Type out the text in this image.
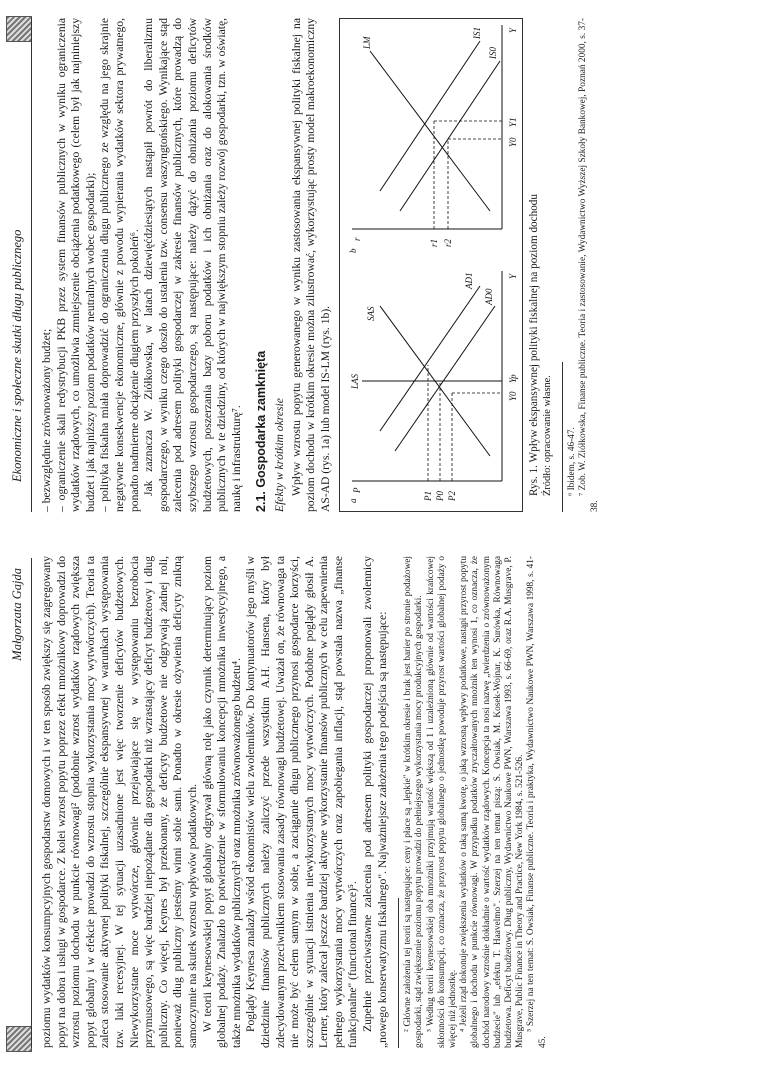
Małgorzata Gajda poziomu wydatków konsumpcyjnych gospodarstw domowych i w ten sposób zwiększy się zagregowany popyt na dobra i usługi w gospodarce. Z kolei wzrost popytu poprzez efekt mnożnikowy doprowadzi do wzrostu poziomu dochodu w punkcie równowagi² (podobnie wzrost wydatków rządowych zwiększa popyt globalny i w efekcie prowadzi do wzrostu stopnia wykorzystania mocy wytwórczych). Teoria ta zaleca stosowanie aktywnej polityki fiskalnej, szczególnie ekspansywnej w warunkach występowania tzw. luki recesyjnej. W tej sytuacji uzasadnione jest więc tworzenie deficytów budżetowych. Niewykorzystane moce wytwórcze, głównie przejawiające się w występowaniu bezrobocia przymusowego, są więc bardziej niepożądane dla gospodarki niż wzrastający deficyt budżetowy i dług publiczny. Co więcej, Keynes był przekonany, że deficyty budżetowe nie odgrywają żadnej roli, ponieważ dług publiczny jesteśmy winni sobie sami. Ponadto w okresie ożywienia deficyty znikną samoczynnie na skutek wzrostu wpływów podatkowych. W teorii keynesowskiej popyt globalny odgrywał główną rolę jako czynnik determinujący poziom globalnej podaży. Znalazło to potwierdzenie w sformułowaniu koncepcji mnożnika inwestycyjnego, a także mnożnika wydatków publicznych³ oraz mnożnika zrównoważonego budżetu⁴. Poglądy Keynesa znalazły wśród ekonomistów wielu zwolenników. Do kontynuatorów jego myśli w dziedzinie finansów publicznych należy zaliczyć przede wszystkim A.H. Hansena, który był zdecydowanym przeciwnikiem stosowania zasady równowagi budżetowej. Uważał on, że równowaga ta nie może być celem samym w sobie, a zaciąganie długu publicznego przynosi gospodarce korzyści, szczególnie w sytuacji istnienia niewykorzystanych mocy wytwórczych. Podobne poglądy głosił A. Lerner, który zalecał jeszcze bardziej aktywne wykorzystanie finansów publicznych w celu zapewnienia pełnego wykorzystania mocy wytwórczych oraz zapobiegania inflacji, stąd powstała nazwa „finanse funkcjonalne" (functional finance)⁵. Zupełnie przeciwstawne zalecenia pod adresem polityki gospodarczej proponowali zwolennicy „nowego konserwatyzmu fiskalnego". Najważniejsze założenia tego podejścia są następujące: ² Główne założenia tej teorii są następujące: ceny i płace są „lepkie" w krótkim okresie i brak jest barier po stronie podażowej gospodarki, stąd zwiększenie poziomu popytu prowadzi do pełniejszego wykorzystania mocy produkcyjnych gospodarki. ³ Według teorii keynesowskiej oba mnożniki przyjmują wartość większą od 1 i uzależnioną głównie od wartości krańcowej skłonności do konsumpcji, co oznacza, że przyrost popytu globalnego o jednostkę powoduje przyrost wartości globalnej podaży o więcej niż jednostkę. ⁴ Jeżeli rząd dokonuje zwiększenia wydatków o taką samą kwotę, o jaką wzrosną wpływy podatkowe, nastąpi przyrost popytu globalnego i dochodu w punkcie równowagi. W przypadku podatków zryczałtowanych mnożnik ten wynosi 1, co oznacza, że dochód narodowy wzrośnie dokładnie o wartość wydatków rządowych. Koncepcja ta nosi nazwę „twierdzenia o zrównoważonym budżecie" lub „efektu T. Haavelmo". Szerzej na ten temat piszą: S. Owsiak, M. Kosek-Wojnar, K. Surówka, Równowaga budżetowa. Deficyt budżetowy. Dług publiczny, Wydawnictwo Naukowe PWN, Warszawa 1993, s. 66-69, oraz R.A. Musgrave, P. Musgrave, Public Finance in Theory and Practice, New York 1984, s. 521-526. ⁵ Szerzej na ten temat: S. Owsiak, Finanse publiczne. Teoria i praktyka, Wydawnictwo Naukowe PWN, Warszawa 1998, s. 41-45.

Ekonomiczne i społeczne skutki długu publicznego – bezwzględnie zrównoważony budżet; – ograniczenie skali redystrybucji PKB przez system finansów publicznych w wyniku ograniczenia wydatków rządowych, co umożliwia zmniejszenie obciążenia podatkowego (celem był jak najniniejszy budżet i jak najniższy poziom podatków neutralnych wobec gospodarki); – polityka fiskalna miała doprowadzić do ograniczenia długu publicznego ze względu na jego skrajnie negatywne konsekwencje ekonomiczne, głównie z powodu wypierania wydatków sektora prywatnego, ponadto nadmierne obciążenie długiem przyszłych pokoleń⁶. Jak zaznacza W. Ziółkowska, w latach dziewięćdziesiątych nastąpił powrót do liberalizmu gospodarczego, w wyniku czego doszło do ustalenia tzw. consensu waszyngtońskiego. Wynikające stąd zalecenia pod adresem polityki gospodarczej w zakresie finansów publicznych, które prowadzą do szybszego wzrostu gospodarczego, są następujące: należy dążyć do obniżania poziomu deficytów budżetowych, poszerzania bazy poboru podatków i ich obniżania oraz do alokowania środków publicznych w te dziedziny, od których w największym stopniu zależy rozwój gospodarki, tzn. w oświatę, naukę i infrastrukturę⁷. 2.1. Gospodarka zamknięta Efekty w krótkim okresie Wpływ wzrostu popytu generowanego w wyniku zastosowania ekspansywnej polityki fiskalnej na poziom dochodu w krótkim okresie można zilustrować, wykorzystując prosty model makroekonomiczny AS-AD (rys. 1a) lub model IS-LM (rys. 1b). a
P
Y
LAS
SAS
AD1
AD0
P1 P0 P2
Y0
Yp
b
r
Y
LM
IS1
IS0
r1 r2
Y0
Y1

Rys. 1. Wpływ ekspansywnej polityki fiskalnej na poziom dochodu Źródło: opracowanie własne. ⁶ Ibidem, s. 46-47. ⁷ Zob. W. Ziółkowska, Finanse publiczne. Teoria i zastosowanie, Wydawnictwo Wyższej Szkoły Bankowej, Poznań 2000, s. 37-38.
